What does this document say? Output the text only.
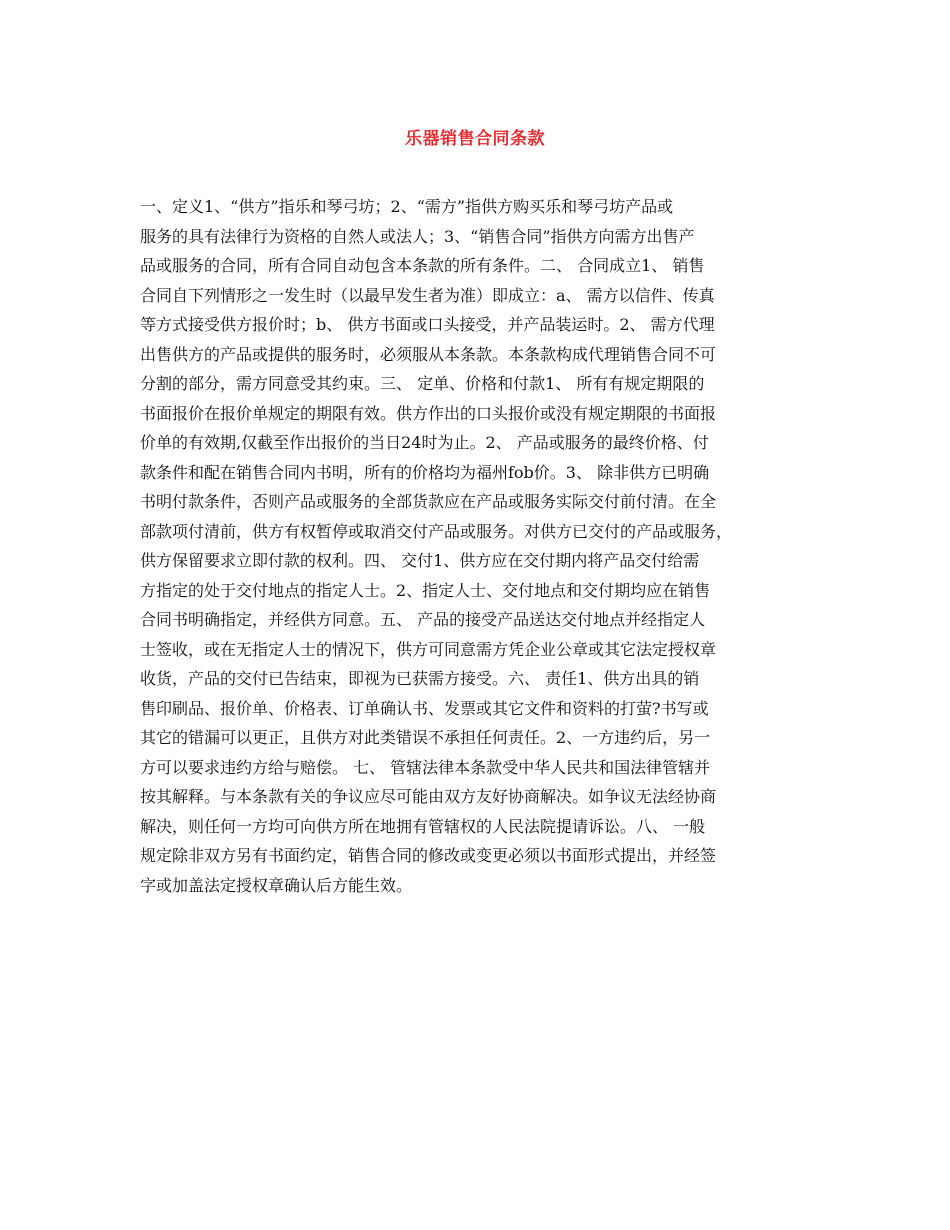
乐器销售合同条款
一、定义1、“供方”指乐和琴弓坊；2、“需方”指供方购买乐和琴弓坊产品或
服务的具有法律行为资格的自然人或法人；3、“销售合同”指供方向需方出售产
品或服务的合同，所有合同自动包含本条款的所有条件。二、 合同成立1、 销售
合同自下列情形之一发生时（以最早发生者为准）即成立：a、 需方以信件、传真
等方式接受供方报价时；b、 供方书面或口头接受，并产品装运时。2、 需方代理
出售供方的产品或提供的服务时，必须服从本条款。本条款构成代理销售合同不可
分割的部分，需方同意受其约束。三、 定单、价格和付款1、 所有有规定期限的
书面报价在报价单规定的期限有效。供方作出的口头报价或没有规定期限的书面报
价单的有效期,仅截至作出报价的当日24时为止。2、 产品或服务的最终价格、付
款条件和配在销售合同内书明，所有的价格均为福州fob价。3、 除非供方已明确
书明付款条件，否则产品或服务的全部货款应在产品或服务实际交付前付清。在全
部款项付清前，供方有权暂停或取消交付产品或服务。对供方已交付的产品或服务，
供方保留要求立即付款的权利。四、 交付1、供方应在交付期内将产品交付给需
方指定的处于交付地点的指定人士。2、指定人士、交付地点和交付期均应在销售
合同书明确指定，并经供方同意。五、 产品的接受产品送达交付地点并经指定人
士签收，或在无指定人士的情况下，供方可同意需方凭企业公章或其它法定授权章
收货，产品的交付已告结束，即视为已获需方接受。六、 责任1、供方出具的销
售印刷品、报价单、价格表、订单确认书、发票或其它文件和资料的打萤?书写或
其它的错漏可以更正，且供方对此类错误不承担任何责任。2、一方违约后，另一
方可以要求违约方给与赔偿。 七、 管辖法律本条款受中华人民共和国法律管辖并
按其解释。与本条款有关的争议应尽可能由双方友好协商解决。如争议无法经协商
解决，则任何一方均可向供方所在地拥有管辖权的人民法院提请诉讼。八、 一般
规定除非双方另有书面约定，销售合同的修改或变更必须以书面形式提出，并经签
字或加盖法定授权章确认后方能生效。
